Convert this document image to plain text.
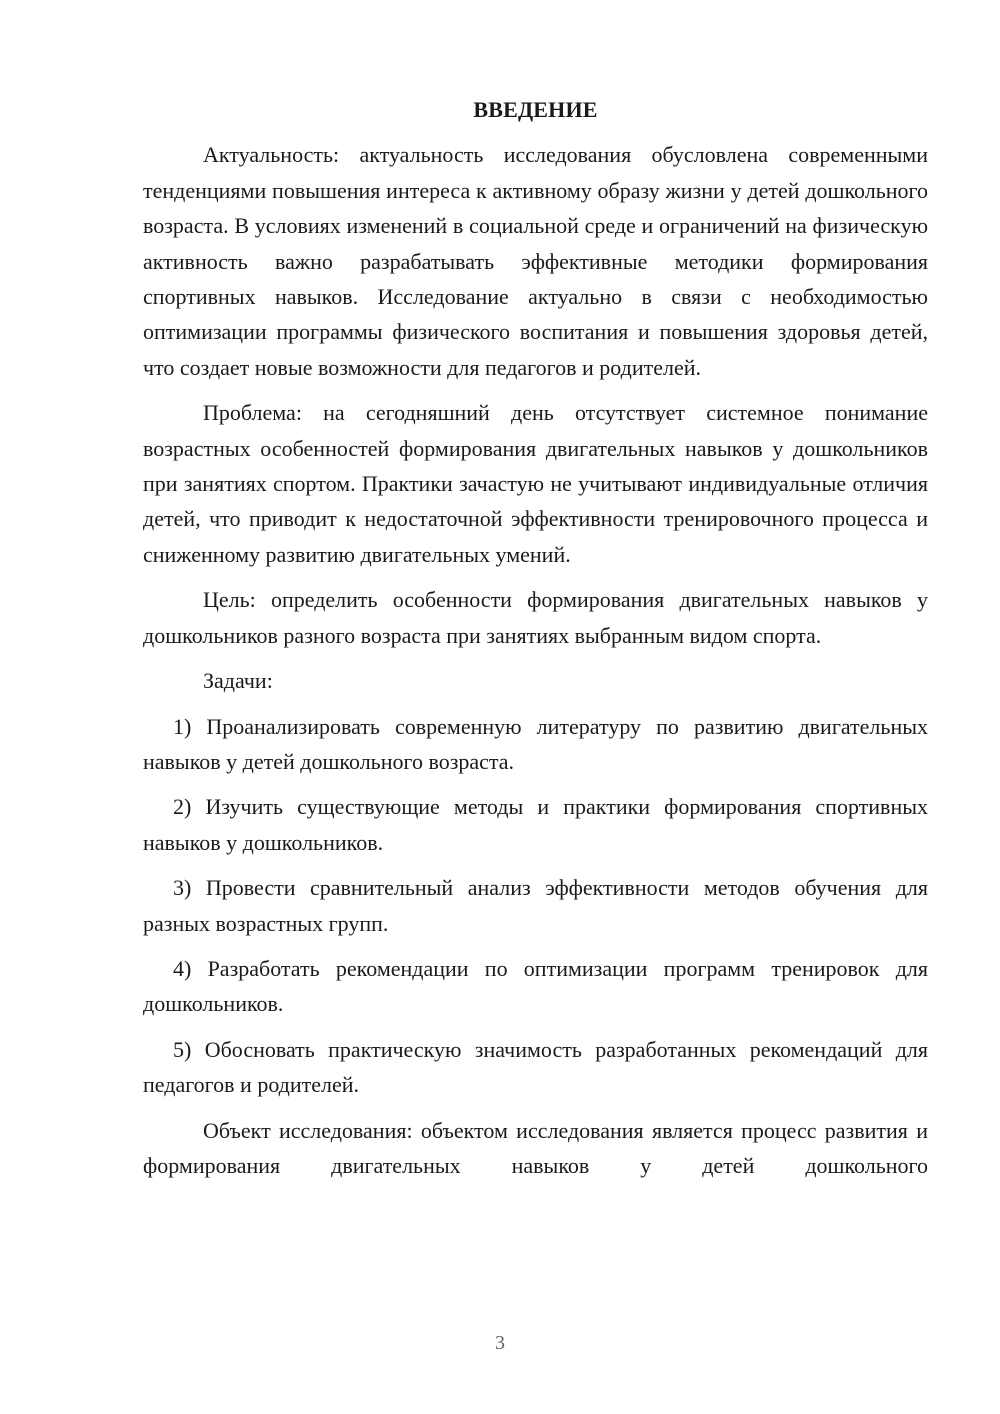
ВВЕДЕНИЕ

Актуальность: актуальность исследования обусловлена современными тенденциями повышения интереса к активному образу жизни у детей дошкольного возраста. В условиях изменений в социальной среде и ограничений на физическую активность важно разрабатывать эффективные методики формирования спортивных навыков. Исследование актуально в связи с необходимостью оптимизации программы физического воспитания и повышения здоровья детей, что создает новые возможности для педагогов и родителей.

Проблема: на сегодняшний день отсутствует системное понимание возрастных особенностей формирования двигательных навыков у дошкольников при занятиях спортом. Практики зачастую не учитывают индивидуальные отличия детей, что приводит к недостаточной эффективности тренировочного процесса и сниженному развитию двигательных умений.

Цель: определить особенности формирования двигательных навыков у дошкольников разного возраста при занятиях выбранным видом спорта.

Задачи:

1) Проанализировать современную литературу по развитию двигательных навыков у детей дошкольного возраста.

2) Изучить существующие методы и практики формирования спортивных навыков у дошкольников.

3) Провести сравнительный анализ эффективности методов обучения для разных возрастных групп.

4) Разработать рекомендации по оптимизации программ тренировок для дошкольников.

5) Обосновать практическую значимость разработанных рекомендаций для педагогов и родителей.

Объект исследования: объектом исследования является процесс развития и формирования двигательных навыков у детей дошкольного

3
